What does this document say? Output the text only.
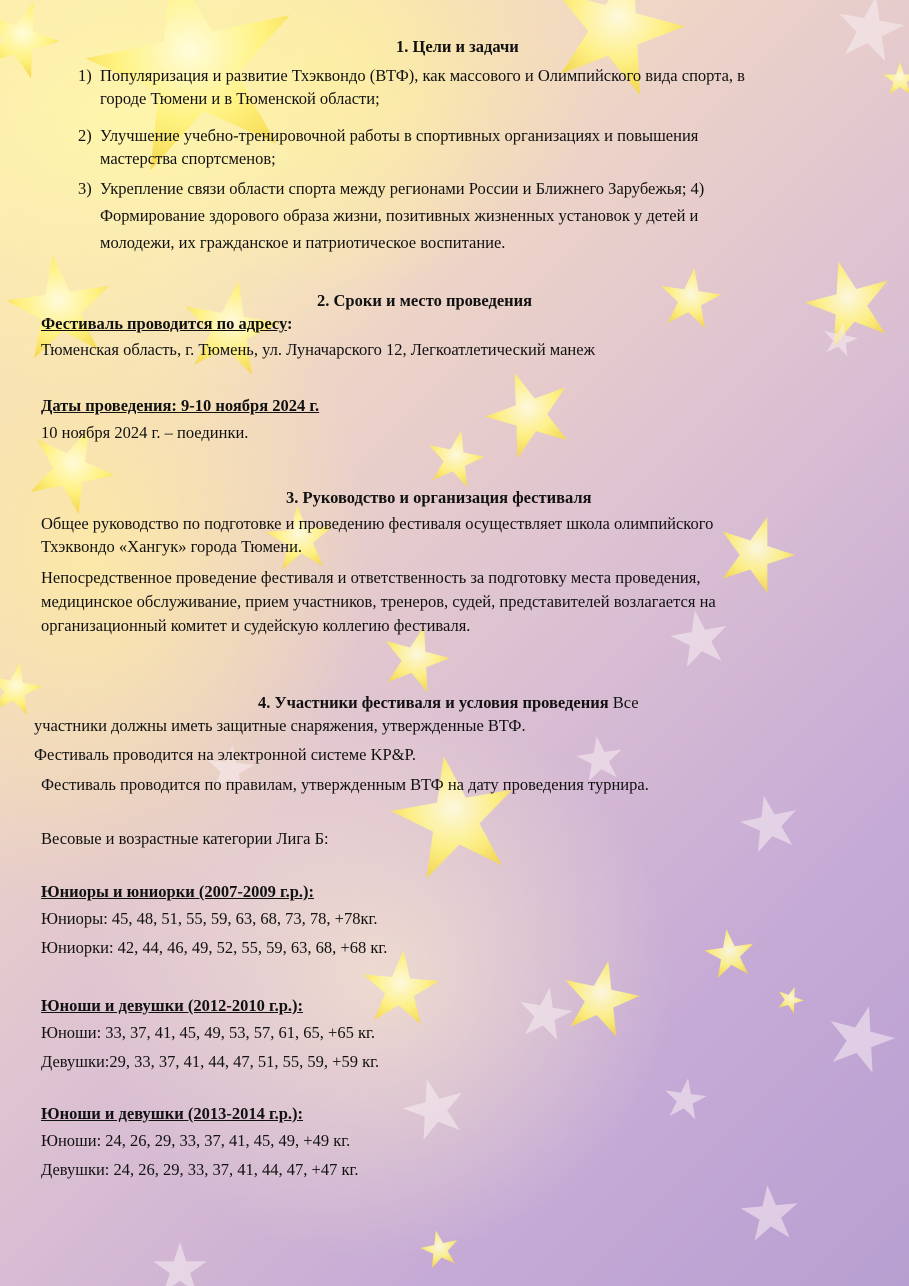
1. Цели и задачи
1) Популяризация и развитие Тхэквондо (ВТФ), как массового и Олимпийского вида спорта, в
городе Тюмени и в Тюменской области;
2) Улучшение учебно-тренировочной работы в спортивных организациях и повышения
мастерства спортсменов;
3) Укрепление связи области спорта между регионами России и Ближнего Зарубежья; 4)
Формирование здорового образа жизни, позитивных жизненных установок у детей и
молодежи, их гражданское и патриотическое воспитание.
2. Сроки и место проведения
Фестиваль проводится по адресу:
Тюменская область, г. Тюмень, ул. Луначарского 12, Легкоатлетический манеж
Даты проведения: 9-10 ноября 2024 г.
10 ноября 2024 г. – поединки.
3. Руководство и организация фестиваля
Общее руководство по подготовке и проведению фестиваля осуществляет школа олимпийского
Тхэквондо «Хангук» города Тюмени.
Непосредственное проведение фестиваля и ответственность за подготовку места проведения,
медицинское обслуживание, прием участников, тренеров, судей, представителей возлагается на
организационный комитет и судейскую коллегию фестиваля.
4. Участники фестиваля и условия проведения Все
участники должны иметь защитные снаряжения, утвержденные ВТФ.
Фестиваль проводится на электронной системе KP&P.
Фестиваль проводится по правилам, утвержденным ВТФ на дату проведения турнира.
Весовые и возрастные категории Лига Б:
Юниоры и юниорки (2007-2009 г.р.):
Юниоры: 45, 48, 51, 55, 59, 63, 68, 73, 78, +78кг.
Юниорки: 42, 44, 46, 49, 52, 55, 59, 63, 68, +68 кг.
Юноши и девушки (2012-2010 г.р.):
Юноши: 33, 37, 41, 45, 49, 53, 57, 61, 65, +65 кг.
Девушки:29, 33, 37, 41, 44, 47, 51, 55, 59, +59 кг.
Юноши и девушки (2013-2014 г.р.):
Юноши: 24, 26, 29, 33, 37, 41, 45, 49, +49 кг.
Девушки: 24, 26, 29, 33, 37, 41, 44, 47, +47 кг.
